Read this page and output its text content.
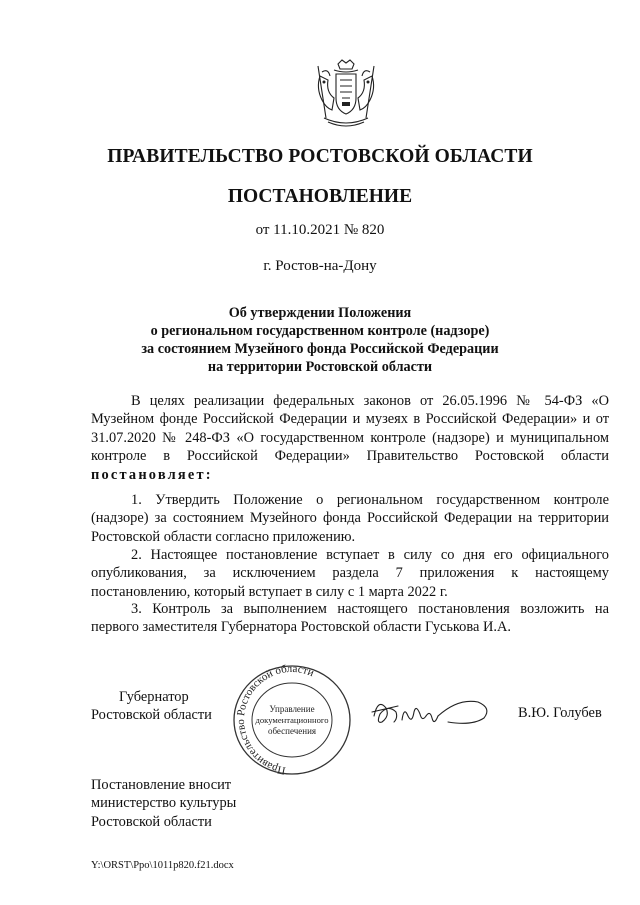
ПРАВИТЕЛЬСТВО РОСТОВСКОЙ ОБЛАСТИ
ПОСТАНОВЛЕНИЕ
от 11.10.2021 № 820
г. Ростов-на-Дону
Об утверждении Положения
о региональном государственном контроле (надзоре)
за состоянием Музейного фонда Российской Федерации
на территории Ростовской области
В целях реализации федеральных законов от 26.05.1996 № 54-ФЗ «О Музейном фонде Российской Федерации и музеях в Российской Федерации» и от 31.07.2020 № 248-ФЗ «О государственном контроле (надзоре) и муниципальном контроле в Российской Федерации» Правительство Ростовской области постановляет:
1. Утвердить Положение о региональном государственном контроле (надзоре) за состоянием Музейного фонда Российской Федерации на территории Ростовской области согласно приложению.
2. Настоящее постановление вступает в силу со дня его официального опубликования, за исключением раздела 7 приложения к настоящему постановлению, который вступает в силу с 1 марта 2022 г.
3. Контроль за выполнением настоящего постановления возложить на первого заместителя Губернатора Ростовской области Гуськова И.А.
Губернатор
Ростовской области
Правительство Ростовской области
Управление
документационного
обеспечения
В.Ю. Голубев
Постановление вносит
министерство культуры
Ростовской области
Y:\ORST\Ppo\1011p820.f21.docx
